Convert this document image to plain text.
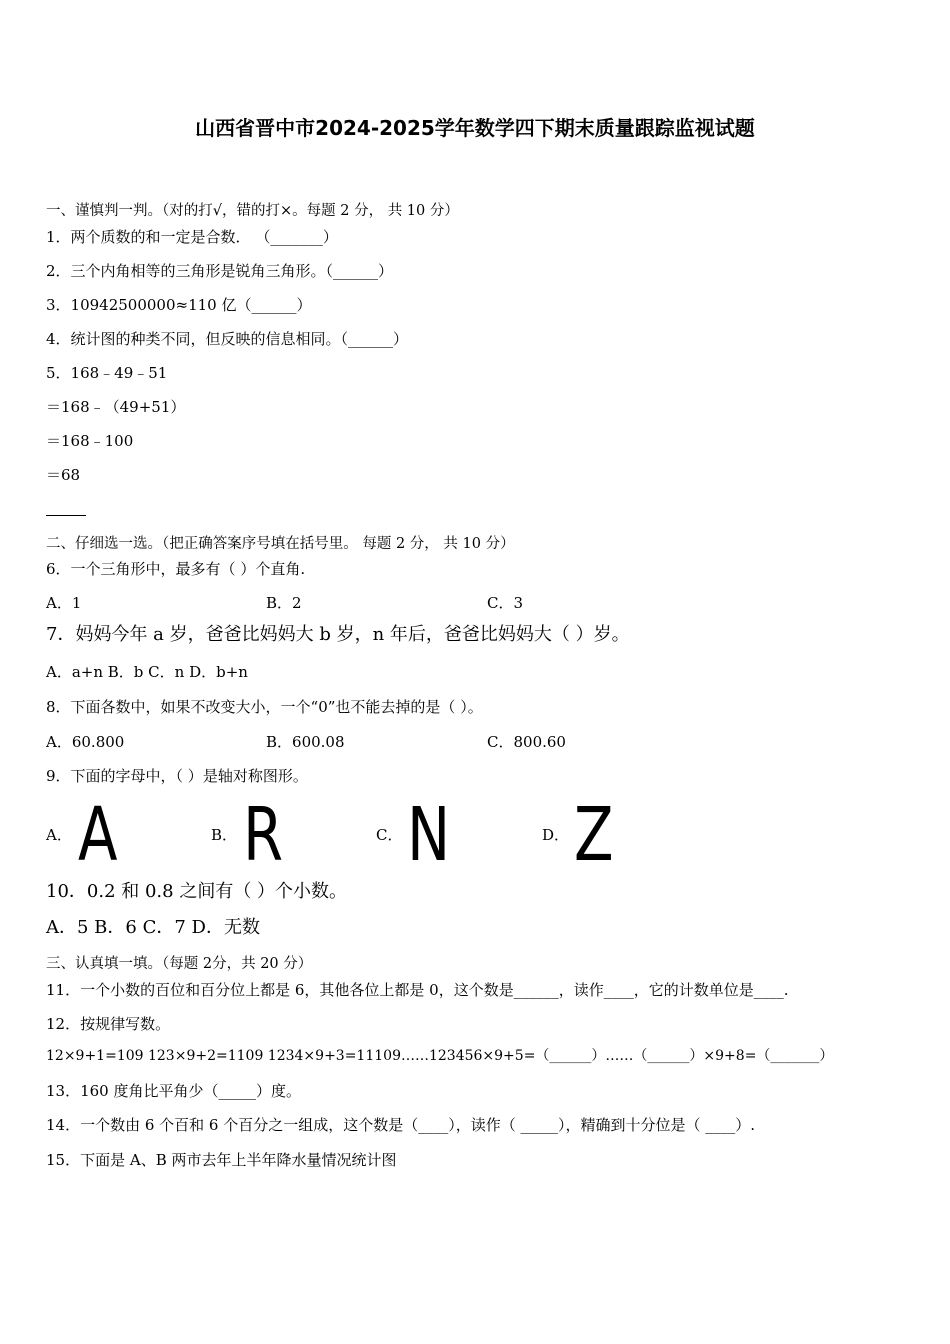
山西省晋中市2024-2025学年数学四下期末质量跟踪监视试题
一、谨慎判一判。（对的打√，错的打×。每题 2 分， 共 10 分）
1．两个质数的和一定是合数． （_______）
2．三个内角相等的三角形是锐角三角形。（______）
3．10942500000≈110 亿（______）
4．统计图的种类不同，但反映的信息相同。（______）
5．168﹣49﹣51
＝168﹣（49+51）
＝168﹣100
＝68
二、仔细选一选。（把正确答案序号填在括号里。 每题 2 分， 共 10 分）
6．一个三角形中，最多有（ ）个直角.
A．1	B．2	C．3
7．妈妈今年 a 岁，爸爸比妈妈大 b 岁，n 年后，爸爸比妈妈大（ ）岁。
A．a+n B．b C．n D．b+n
8．下面各数中，如果不改变大小，一个“0”也不能去掉的是（ ）。
A．60.800	B．600.08	C．800.60
9．下面的字母中，（ ）是轴对称图形。
A． A	B． R	C． N	D． Z
10．0.2 和 0.8 之间有（ ）个小数。
A．5 B．6 C．7 D．无数
三、认真填一填。（每题 2分，共 20 分）
11．一个小数的百位和百分位上都是 6，其他各位上都是 0，这个数是______，读作____，它的计数单位是____.
12．按规律写数。
12×9+1=109 123×9+2=1109 1234×9+3=11109……123456×9+5=（______）……（______）×9+8=（_______）
13．160 度角比平角少（_____）度。
14．一个数由 6 个百和 6 个百分之一组成，这个数是（____），读作（ _____），精确到十分位是（ ____）.
15．下面是 A、B 两市去年上半年降水量情况统计图
